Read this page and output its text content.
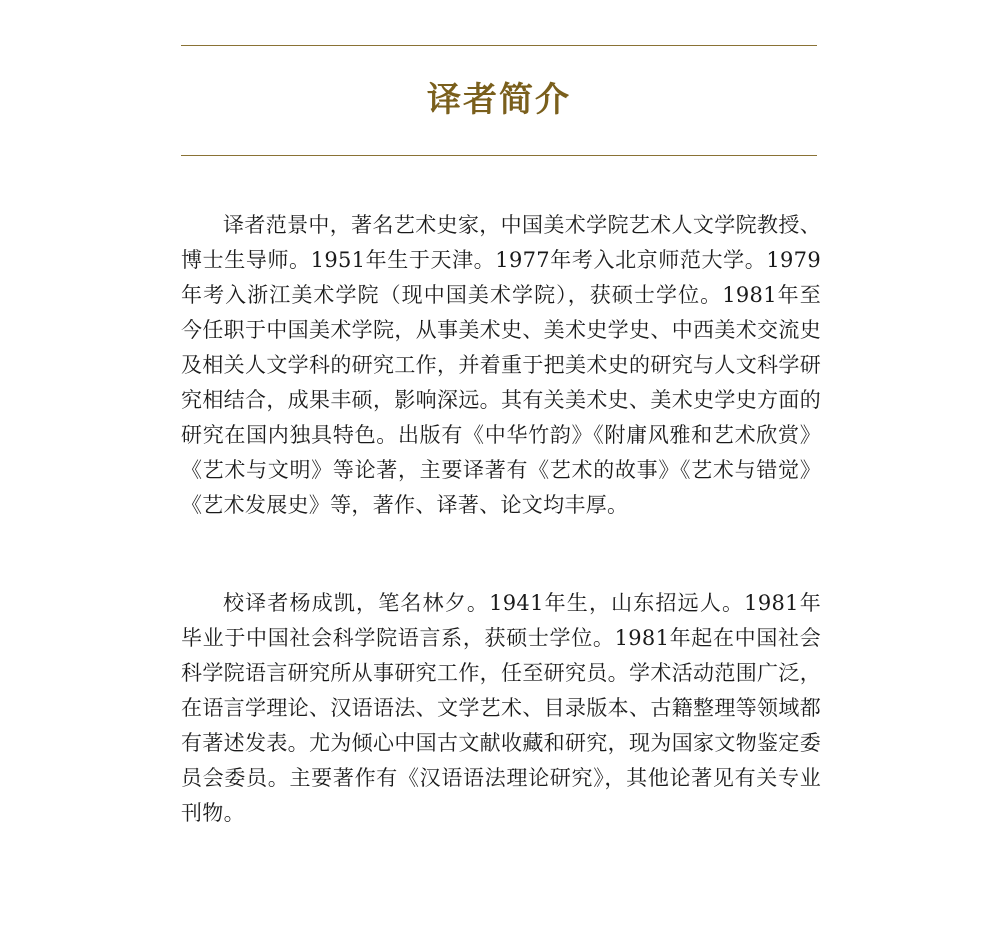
译者简介

译者范景中，著名艺术史家，中国美术学院艺术人文学院教授、博士生导师。1951年生于天津。1977年考入北京师范大学。1979年考入浙江美术学院（现中国美术学院），获硕士学位。1981年至今任职于中国美术学院，从事美术史、美术史学史、中西美术交流史及相关人文学科的研究工作，并着重于把美术史的研究与人文科学研究相结合，成果丰硕，影响深远。其有关美术史、美术史学史方面的研究在国内独具特色。出版有《中华竹韵》《附庸风雅和艺术欣赏》《艺术与文明》等论著，主要译著有《艺术的故事》《艺术与错觉》《艺术发展史》等，著作、译著、论文均丰厚。

校译者杨成凯，笔名林夕。1941年生，山东招远人。1981年毕业于中国社会科学院语言系，获硕士学位。1981年起在中国社会科学院语言研究所从事研究工作，任至研究员。学术活动范围广泛，在语言学理论、汉语语法、文学艺术、目录版本、古籍整理等领域都有著述发表。尤为倾心中国古文献收藏和研究，现为国家文物鉴定委员会委员。主要著作有《汉语语法理论研究》，其他论著见有关专业刊物。
